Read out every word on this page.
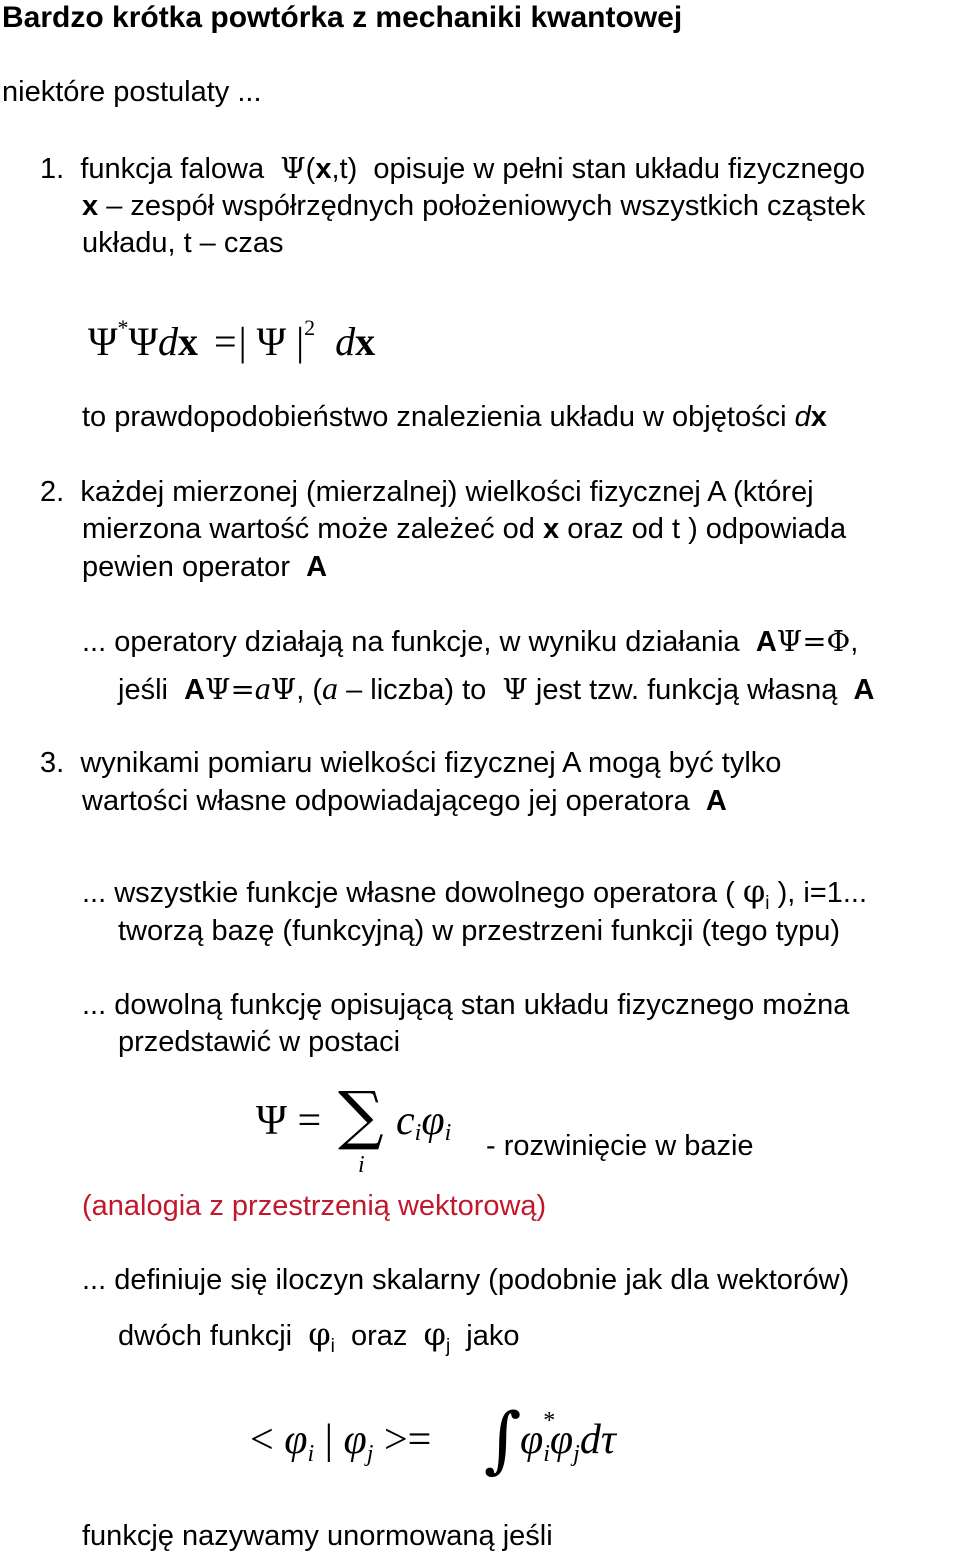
Bardzo krótka powtórka z mechaniki kwantowej
niektóre postulaty ...
1. funkcja falowa Ψ(x,t) opisuje w pełni stan układu fizycznego
x – zespół współrzędnych położeniowych wszystkich cząstek
układu, t – czas
Ψ*Ψdx =| Ψ $|^2$ dx
to prawdopodobieństwo znalezienia układu w objętości dx
2. każdej mierzonej (mierzalnej) wielkości fizycznej A (której
mierzona wartość może zależeć od x oraz od t ) odpowiada
pewien operator A
... operatory działają na funkcje, w wyniku działania AΨ=Φ,
jeśli AΨ=aΨ, (a – liczba) to Ψ jest tzw. funkcją własną A
3. wynikami pomiaru wielkości fizycznej A mogą być tylko
wartości własne odpowiadającego jej operatora A
... wszystkie funkcje własne dowolnego operatora ( $\varphi_i$ ), i=1...
tworzą bazę (funkcyjną) w przestrzeni funkcji (tego typu)
... dowolną funkcję opisującą stan układu fizycznego można
przedstawić w postaci
Ψ = ∑
i
$c_i\varphi_i$ - rozwinięcie w bazie
(analogia z przestrzenią wektorową)
... definiuje się iloczyn skalarny (podobnie jak dla wektorów)
dwóch funkcji $\varphi_i$ oraz $\varphi_j$ jako
< $\varphi_i$ | $\varphi_j$ >= ∫
φ *
$_i\varphi_jd\tau$
funkcję nazywamy unormowaną jeśli
